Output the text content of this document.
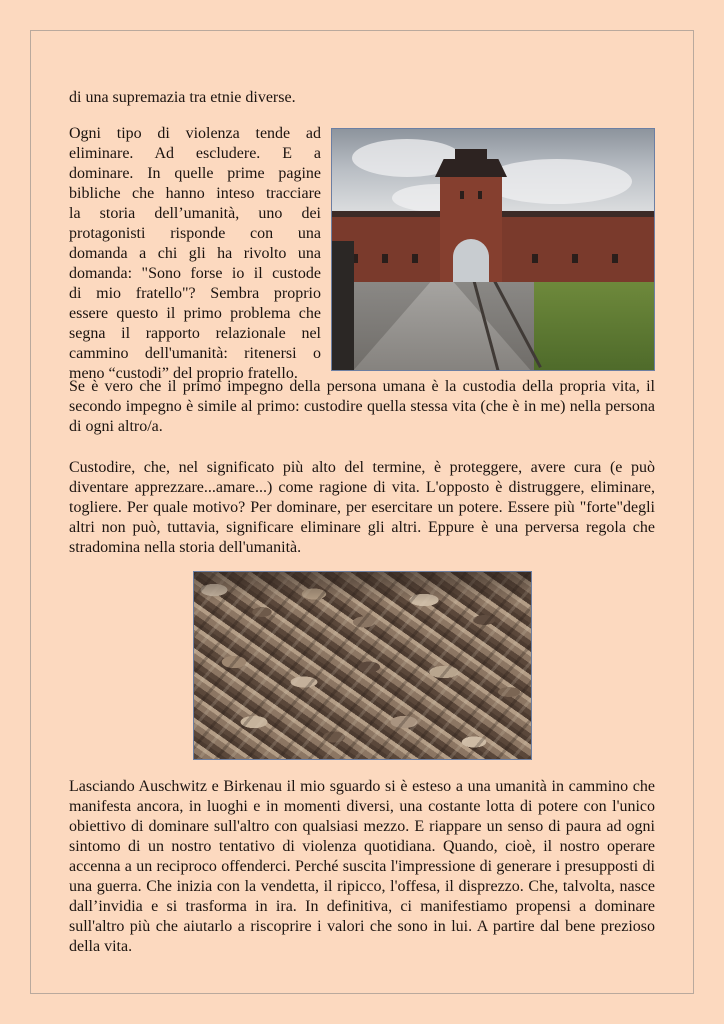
di una supremazia tra etnie diverse.

Ogni tipo di violenza tende ad
eliminare. Ad escludere. E a
dominare. In quelle prime pagine
bibliche che hanno inteso tracciare
la storia dell’umanità, uno dei
protagonisti risponde con una
domanda a chi gli ha rivolto una
domanda: "Sono forse io il custode
di mio fratello"? Sembra proprio
essere questo il primo problema che
segna il rapporto relazionale nel
cammino dell'umanità: ritenersi o
meno “custodi” del proprio fratello.

Se è vero che il primo impegno della persona umana è la custodia della propria vita, il secondo impegno è simile al primo: custodire quella stessa vita (che è in me) nella persona di ogni altro/a.

Custodire, che, nel significato più alto del termine, è proteggere, avere cura (e può diventare apprezzare...amare...) come ragione di vita. L'opposto è distruggere, eliminare, togliere. Per quale motivo? Per dominare, per esercitare un potere. Essere più "forte"degli altri non può, tuttavia, significare eliminare gli altri. Eppure è una perversa regola che stradomina nella storia dell'umanità.

Lasciando Auschwitz e Birkenau il mio sguardo si è esteso a una umanità in cammino che manifesta ancora, in luoghi e in momenti diversi, una costante lotta di potere con l'unico obiettivo di dominare sull'altro con qualsiasi mezzo. E riappare un senso di paura ad ogni sintomo di un nostro tentativo di violenza quotidiana. Quando, cioè, il nostro operare accenna a un reciproco offenderci. Perché suscita l'impressione di generare i presupposti di una guerra. Che inizia con la vendetta, il ripicco, l'offesa, il disprezzo. Che, talvolta, nasce dall’invidia e si trasforma in ira. In definitiva, ci manifestiamo propensi a dominare sull'altro più che aiutarlo a riscoprire i valori che sono in lui. A partire dal bene prezioso della vita.
